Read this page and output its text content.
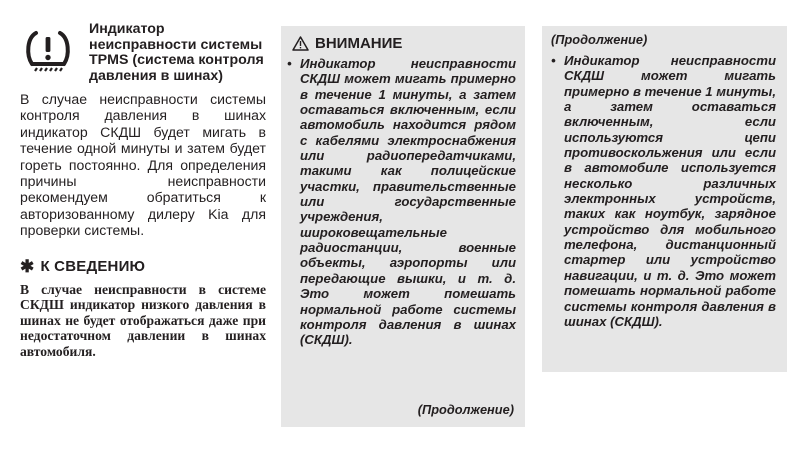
Индикатор неисправности системы TPMS (система контроля давления в шинах)

В случае неисправности системы контроля давления в шинах индикатор СКДШ будет мигать в течение одной минуты и затем будет гореть постоянно. Для определения причины неисправности рекомендуем обратиться к авторизованному дилеру Kia для проверки системы.

✱ К СВЕДЕНИЮ
В случае неисправности в системе СКДШ индикатор низкого давления в шинах не будет отображаться даже при недостаточном давлении в шинах автомобиля.
ВНИМАНИЕ
• Индикатор неисправности СКДШ может мигать примерно в течение 1 минуты, а затем оставаться включенным, если автомобиль находится рядом с кабелями электроснабжения или радиопередатчиками, такими как полицейские участки, правительственные или государственные учреждения, широковещательные радиостанции, военные объекты, аэропорты или передающие вышки, и т. д. Это может помешать нормальной работе системы контроля давления в шинах (СКДШ).
(Продолжение)
(Продолжение)
• Индикатор неисправности СКДШ может мигать примерно в течение 1 минуты, а затем оставаться включенным, если используются цепи противоскольжения или если в автомобиле используется несколько различных электронных устройств, таких как ноутбук, зарядное устройство для мобильного телефона, дистанционный стартер или устройство навигации, и т. д. Это может помешать нормальной работе системы контроля давления в шинах (СКДШ).
